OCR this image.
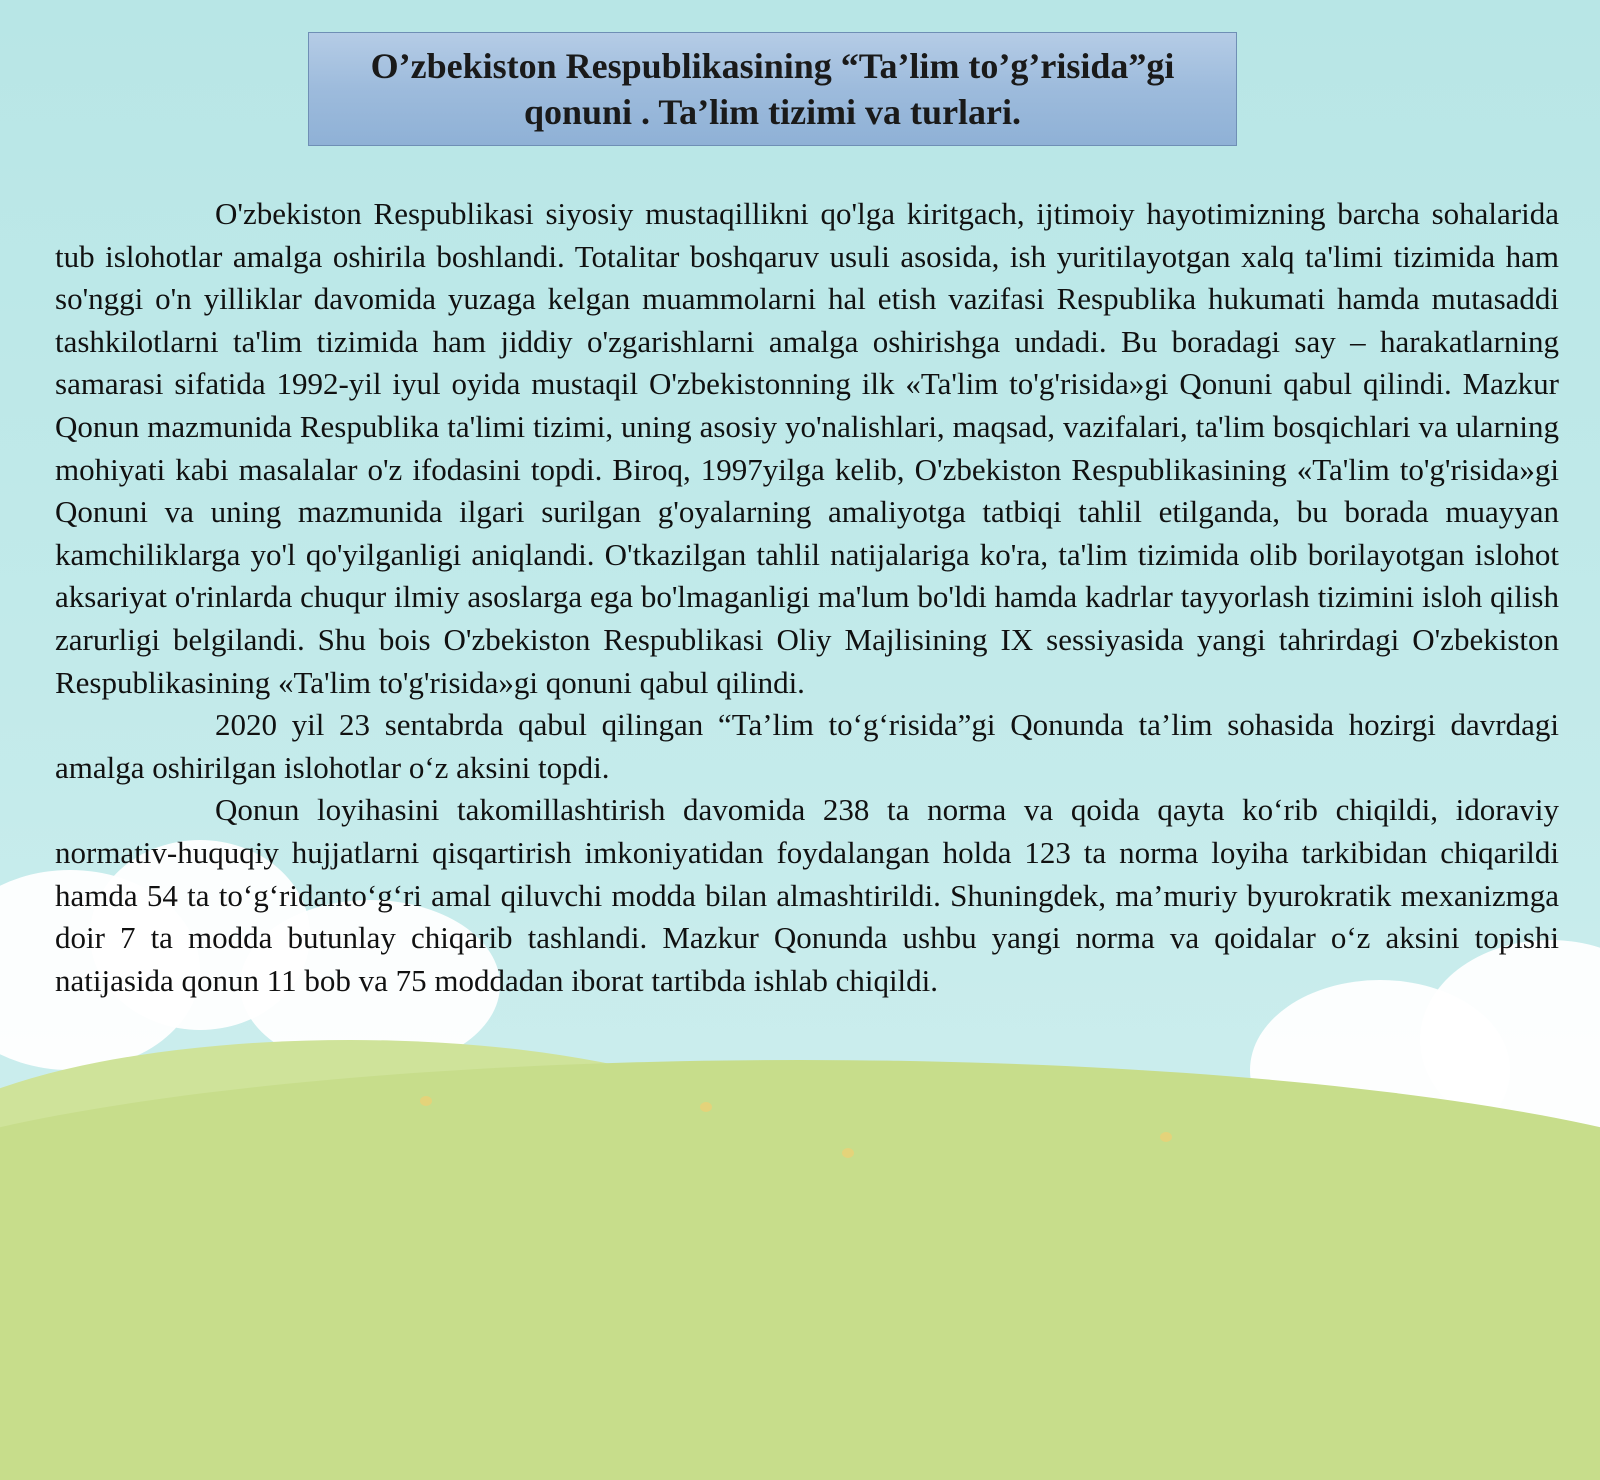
O’zbekiston Respublikasining “Ta’lim to’g’risida”gi
qonuni . Ta’lim tizimi va turlari.

O'zbekiston Respublikasi siyosiy mustaqillikni qo'lga kiritgach, ijtimoiy hayotimizning barcha sohalarida tub islohotlar amalga oshirila boshlandi. Totalitar boshqaruv usuli asosida, ish yuritilayotgan xalq ta'limi tizimida ham so'nggi o'n yilliklar davomida yuzaga kelgan muammolarni hal etish vazifasi Respublika hukumati hamda mutasaddi tashkilotlarni ta'lim tizimida ham jiddiy o'zgarishlarni amalga oshirishga undadi. Bu boradagi say – harakatlarning samarasi sifatida 1992-yil iyul oyida mustaqil O'zbekistonning ilk «Ta'lim to'g'risida»gi Qonuni qabul qilindi. Mazkur Qonun mazmunida Respublika ta'limi tizimi, uning asosiy yo'nalishlari, maqsad, vazifalari, ta'lim bosqichlari va ularning mohiyati kabi masalalar o'z ifodasini topdi. Biroq, 1997yilga kelib, O'zbekiston Respublikasining «Ta'lim to'g'risida»gi Qonuni va uning mazmunida ilgari surilgan g'oyalarning amaliyotga tatbiqi tahlil etilganda, bu borada muayyan kamchiliklarga yo'l qo'yilganligi aniqlandi. O'tkazilgan tahlil natijalariga ko'ra, ta'lim tizimida olib borilayotgan islohot aksariyat o'rinlarda chuqur ilmiy asoslarga ega bo'lmaganligi ma'lum bo'ldi hamda kadrlar tayyorlash tizimini isloh qilish zarurligi belgilandi. Shu bois O'zbekiston Respublikasi Oliy Majlisining IX sessiyasida yangi tahrirdagi O'zbekiston Respublikasining «Ta'lim to'g'risida»gi qonuni qabul qilindi.

2020 yil 23 sentabrda qabul qilingan “Ta’lim to‘g‘risida”gi Qonunda ta’lim sohasida hozirgi davrdagi amalga oshirilgan islohotlar o‘z aksini topdi.

Qonun loyihasini takomillashtirish davomida 238 ta norma va qoida qayta ko‘rib chiqildi, idoraviy normativ-huquqiy hujjatlarni qisqartirish imkoniyatidan foydalangan holda 123 ta norma loyiha tarkibidan chiqarildi hamda 54 ta to‘g‘ridanto‘g‘ri amal qiluvchi modda bilan almashtirildi. Shuningdek, ma’muriy byurokratik mexanizmga doir 7 ta modda butunlay chiqarib tashlandi. Mazkur Qonunda ushbu yangi norma va qoidalar o‘z aksini topishi natijasida qonun 11 bob va 75 moddadan iborat tartibda ishlab chiqildi.
